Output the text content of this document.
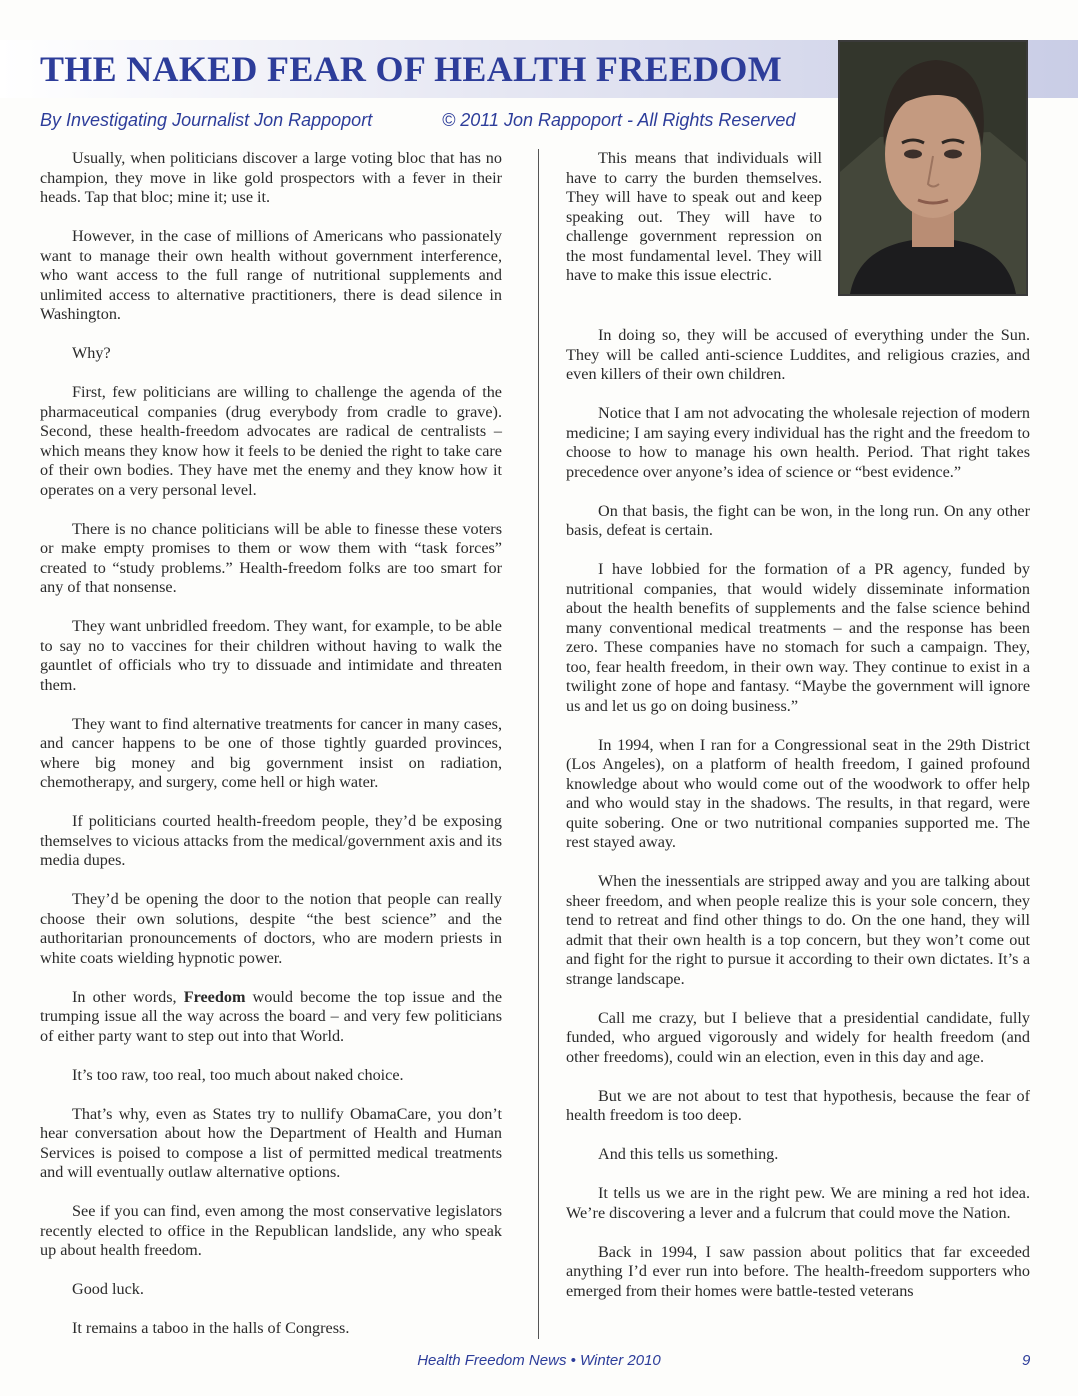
THE NAKED FEAR OF HEALTH FREEDOM
By Investigating Journalist Jon Rappoport	© 2011 Jon Rappoport - All Rights Reserved

Usually, when politicians discover a large voting bloc that has no champion, they move in like gold prospectors with a fever in their heads. Tap that bloc; mine it; use it.

However, in the case of millions of Americans who passionately want to manage their own health without government interference, who want access to the full range of nutritional supplements and unlimited access to alternative practitioners, there is dead silence in Washington.

Why?

First, few politicians are willing to challenge the agenda of the pharmaceutical companies (drug everybody from cradle to grave). Second, these health-freedom advocates are radical de centralists – which means they know how it feels to be denied the right to take care of their own bodies. They have met the enemy and they know how it operates on a very personal level.

There is no chance politicians will be able to finesse these voters or make empty promises to them or wow them with “task forces” created to “study problems.” Health-freedom folks are too smart for any of that nonsense.

They want unbridled freedom. They want, for example, to be able to say no to vaccines for their children without having to walk the gauntlet of officials who try to dissuade and intimidate and threaten them.

They want to find alternative treatments for cancer in many cases, and cancer happens to be one of those tightly guarded provinces, where big money and big government insist on radiation, chemotherapy, and surgery, come hell or high water.

If politicians courted health-freedom people, they’d be exposing themselves to vicious attacks from the medical/government axis and its media dupes.

They’d be opening the door to the notion that people can really choose their own solutions, despite “the best science” and the authoritarian pronouncements of doctors, who are modern priests in white coats wielding hypnotic power.

In other words, Freedom would become the top issue and the trumping issue all the way across the board – and very few politicians of either party want to step out into that World.

It’s too raw, too real, too much about naked choice.

That’s why, even as States try to nullify ObamaCare, you don’t hear conversation about how the Department of Health and Human Services is poised to compose a list of permitted medical treatments and will eventually outlaw alternative options.

See if you can find, even among the most conservative legislators recently elected to office in the Republican landslide, any who speak up about health freedom.

Good luck.

It remains a taboo in the halls of Congress.

This means that individuals will have to carry the burden themselves. They will have to speak out and keep speaking out. They will have to challenge government repression on the most fundamental level. They will have to make this issue electric.

In doing so, they will be accused of everything under the Sun. They will be called anti-science Luddites, and religious crazies, and even killers of their own children.

Notice that I am not advocating the wholesale rejection of modern medicine; I am saying every individual has the right and the freedom to choose to how to manage his own health. Period. That right takes precedence over anyone’s idea of science or “best evidence.”

On that basis, the fight can be won, in the long run. On any other basis, defeat is certain.

I have lobbied for the formation of a PR agency, funded by nutritional companies, that would widely disseminate information about the health benefits of supplements and the false science behind many conventional medical treatments – and the response has been zero. These companies have no stomach for such a campaign. They, too, fear health freedom, in their own way. They continue to exist in a twilight zone of hope and fantasy. “Maybe the government will ignore us and let us go on doing business.”

In 1994, when I ran for a Congressional seat in the 29th District (Los Angeles), on a platform of health freedom, I gained profound knowledge about who would come out of the woodwork to offer help and who would stay in the shadows. The results, in that regard, were quite sobering. One or two nutritional companies supported me. The rest stayed away.

When the inessentials are stripped away and you are talking about sheer freedom, and when people realize this is your sole concern, they tend to retreat and find other things to do. On the one hand, they will admit that their own health is a top concern, but they won’t come out and fight for the right to pursue it according to their own dictates. It’s a strange landscape.

Call me crazy, but I believe that a presidential candidate, fully funded, who argued vigorously and widely for health freedom (and other freedoms), could win an election, even in this day and age.

But we are not about to test that hypothesis, because the fear of health freedom is too deep.

And this tells us something.

It tells us we are in the right pew. We are mining a red hot idea. We’re discovering a lever and a fulcrum that could move the Nation.

Back in 1994, I saw passion about politics that far exceeded anything I’d ever run into before. The health-freedom supporters who emerged from their homes were battle-tested veterans

Health Freedom News • Winter 2010	9
